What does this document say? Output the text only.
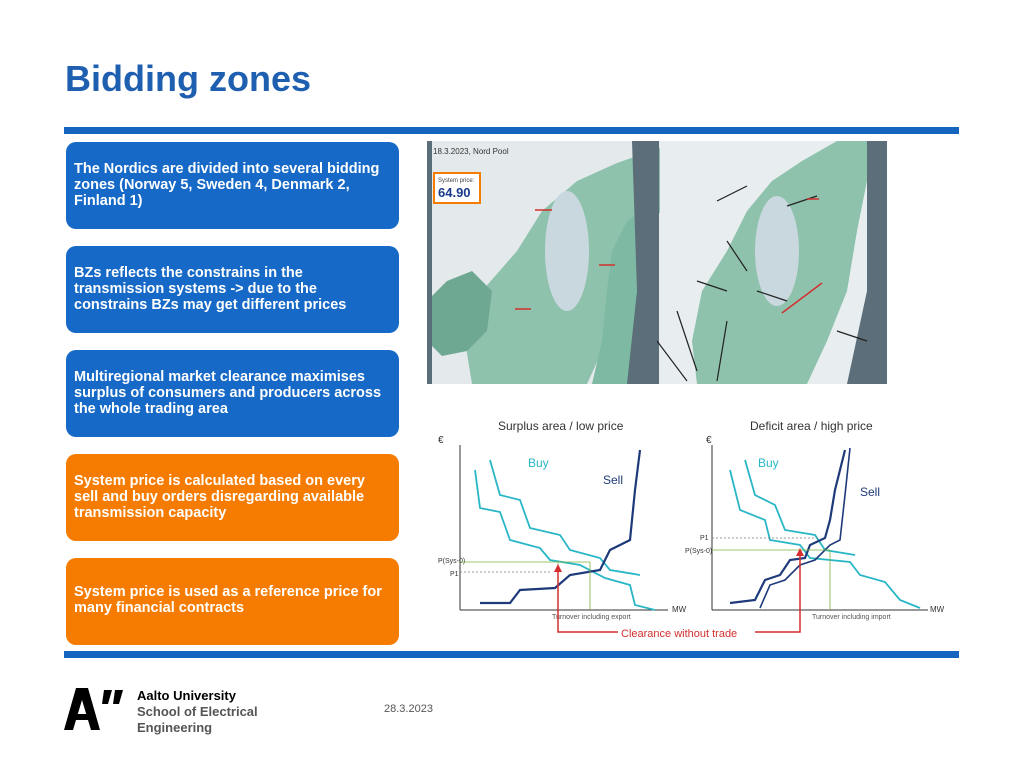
Bidding zones
The Nordics are divided into several bidding zones (Norway 5, Sweden 4, Denmark 2, Finland 1)
BZs reflects the constrains in the transmission systems -> due to the constrains BZs may get different prices
Multiregional market clearance maximises surplus of consumers and producers across the whole trading area
System price is calculated based on every sell and buy orders disregarding available transmission capacity
System price is used as a reference price for many financial contracts
18.3.2023, Nord Pool
System price:
64.90
Surplus area / low price	Deficit area / high price
€
MW
P(Sys-0)
P1
Buy
Sell
Turnover including export
€
MW
P1
P(Sys-0)
Buy
Sell
Turnover including import
Clearance without trade
Aalto University
School of Electrical
Engineering
28.3.2023
